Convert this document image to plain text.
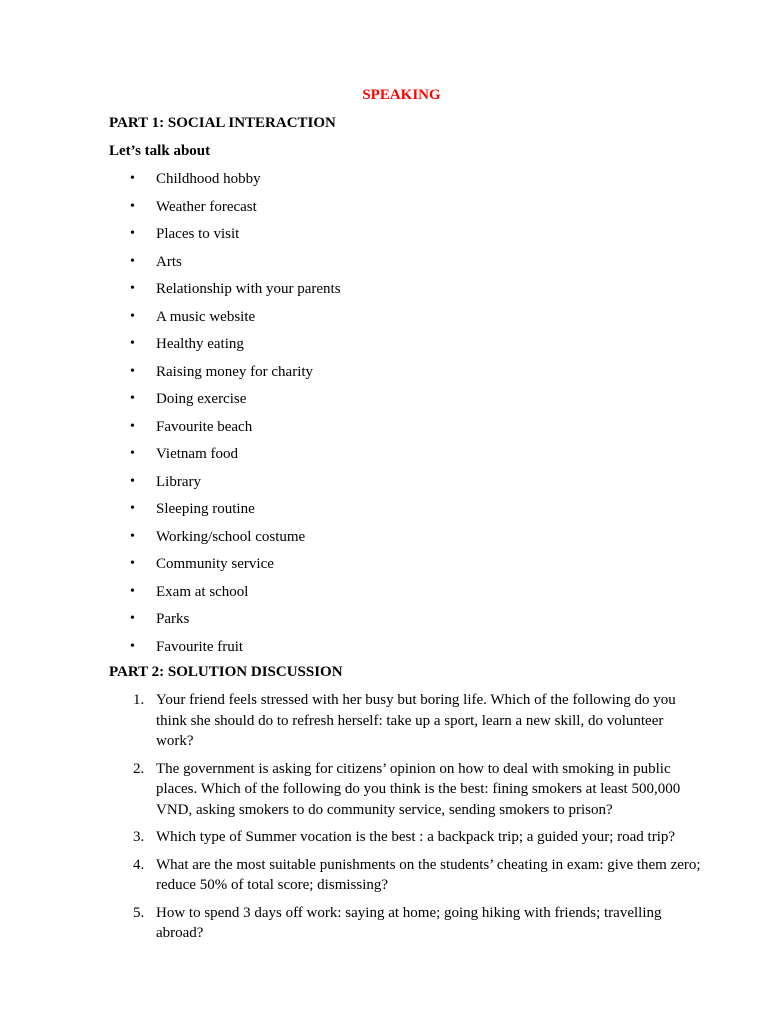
SPEAKING
PART 1: SOCIAL INTERACTION
Let’s talk about
• Childhood hobby
• Weather forecast
• Places to visit
• Arts
• Relationship with your parents
• A music website
• Healthy eating
• Raising money for charity
• Doing exercise
• Favourite beach
• Vietnam food
• Library
• Sleeping routine
• Working/school costume
• Community service
• Exam at school
• Parks
• Favourite fruit
PART 2: SOLUTION DISCUSSION
1. Your friend feels stressed with her busy but boring life. Which of the following do you think she should do to refresh herself: take up a sport, learn a new skill, do volunteer work?
2. The government is asking for citizens’ opinion on how to deal with smoking in public places. Which of the following do you think is the best: fining smokers at least 500,000 VND, asking smokers to do community service, sending smokers to prison?
3. Which type of Summer vocation is the best : a backpack trip; a guided your; road trip?
4. What are the most suitable punishments on the students’ cheating in exam: give them zero; reduce 50% of total score; dismissing?
5. How to spend 3 days off work: saying at home; going hiking with friends; travelling abroad?
